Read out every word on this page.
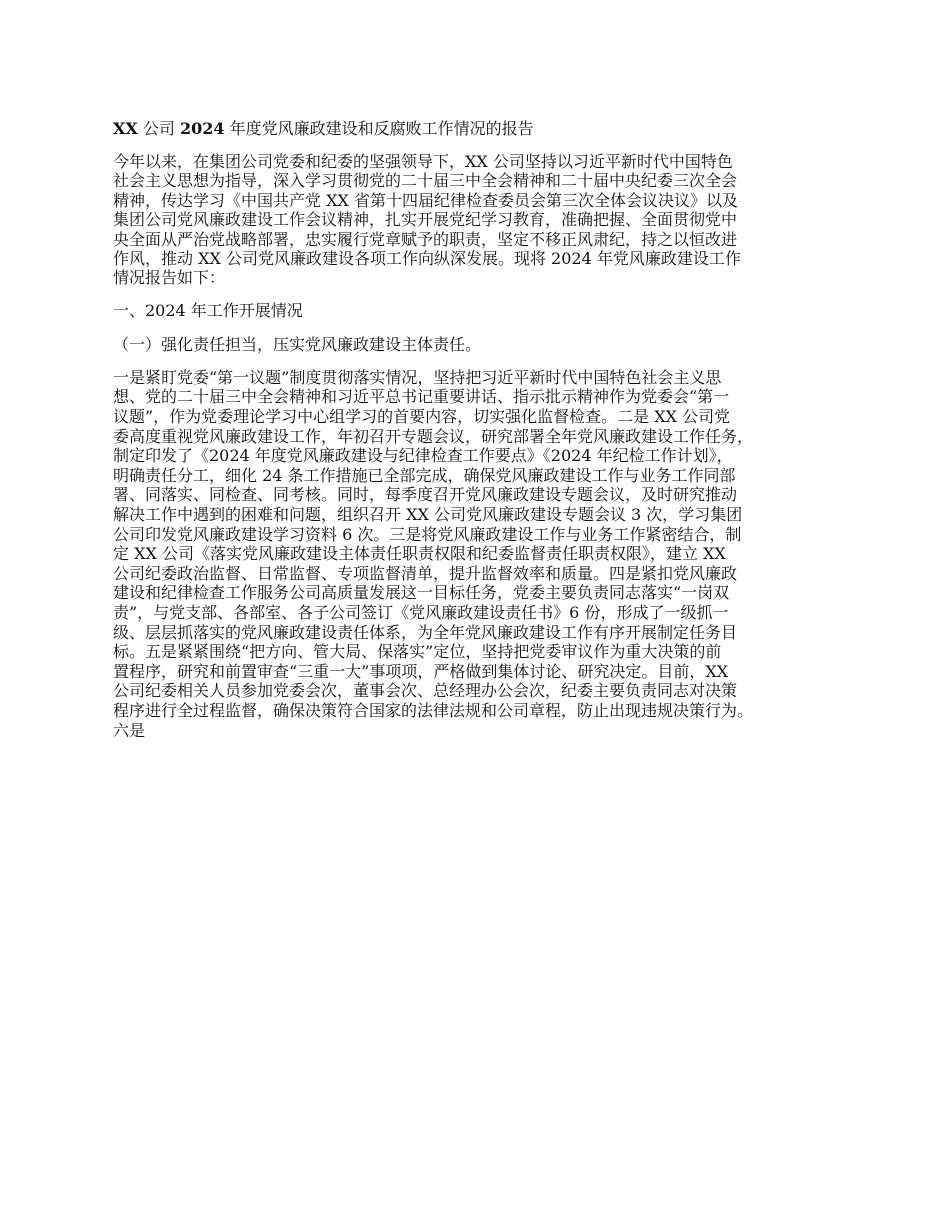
XX 公司 2024 年度党风廉政建设和反腐败工作情况的报告
今年以来，在集团公司党委和纪委的坚强领导下，XX 公司坚持以习近平新时代中国特色
社会主义思想为指导，深入学习贯彻党的二十届三中全会精神和二十届中央纪委三次全会
精神，传达学习《中国共产党 XX 省第十四届纪律检查委员会第三次全体会议决议》以及
集团公司党风廉政建设工作会议精神，扎实开展党纪学习教育，准确把握、全面贯彻党中
央全面从严治党战略部署，忠实履行党章赋予的职责，坚定不移正风肃纪，持之以恒改进
作风，推动 XX 公司党风廉政建设各项工作向纵深发展。现将 2024 年党风廉政建设工作
情况报告如下：
一、2024 年工作开展情况
（一）强化责任担当，压实党风廉政建设主体责任。
一是紧盯党委“第一议题”制度贯彻落实情况，坚持把习近平新时代中国特色社会主义思
想、党的二十届三中全会精神和习近平总书记重要讲话、指示批示精神作为党委会“第一
议题”，作为党委理论学习中心组学习的首要内容，切实强化监督检查。二是 XX 公司党
委高度重视党风廉政建设工作，年初召开专题会议，研究部署全年党风廉政建设工作任务，
制定印发了《2024 年度党风廉政建设与纪律检查工作要点》《2024 年纪检工作计划》，
明确责任分工，细化 24 条工作措施已全部完成，确保党风廉政建设工作与业务工作同部
署、同落实、同检查、同考核。同时，每季度召开党风廉政建设专题会议，及时研究推动
解决工作中遇到的困难和问题，组织召开 XX 公司党风廉政建设专题会议 3 次，学习集团
公司印发党风廉政建设学习资料 6 次。三是将党风廉政建设工作与业务工作紧密结合，制
定 XX 公司《落实党风廉政建设主体责任职责权限和纪委监督责任职责权限》，建立 XX
公司纪委政治监督、日常监督、专项监督清单，提升监督效率和质量。四是紧扣党风廉政
建设和纪律检查工作服务公司高质量发展这一目标任务，党委主要负责同志落实“一岗双
责”，与党支部、各部室、各子公司签订《党风廉政建设责任书》6 份，形成了一级抓一
级、层层抓落实的党风廉政建设责任体系，为全年党风廉政建设工作有序开展制定任务目
标。五是紧紧围绕“把方向、管大局、保落实”定位，坚持把党委审议作为重大决策的前
置程序，研究和前置审查“三重一大”事项项，严格做到集体讨论、研究决定。目前，XX
公司纪委相关人员参加党委会次，董事会次、总经理办公会次，纪委主要负责同志对决策
程序进行全过程监督，确保决策符合国家的法律法规和公司章程，防止出现违规决策行为。
六是
